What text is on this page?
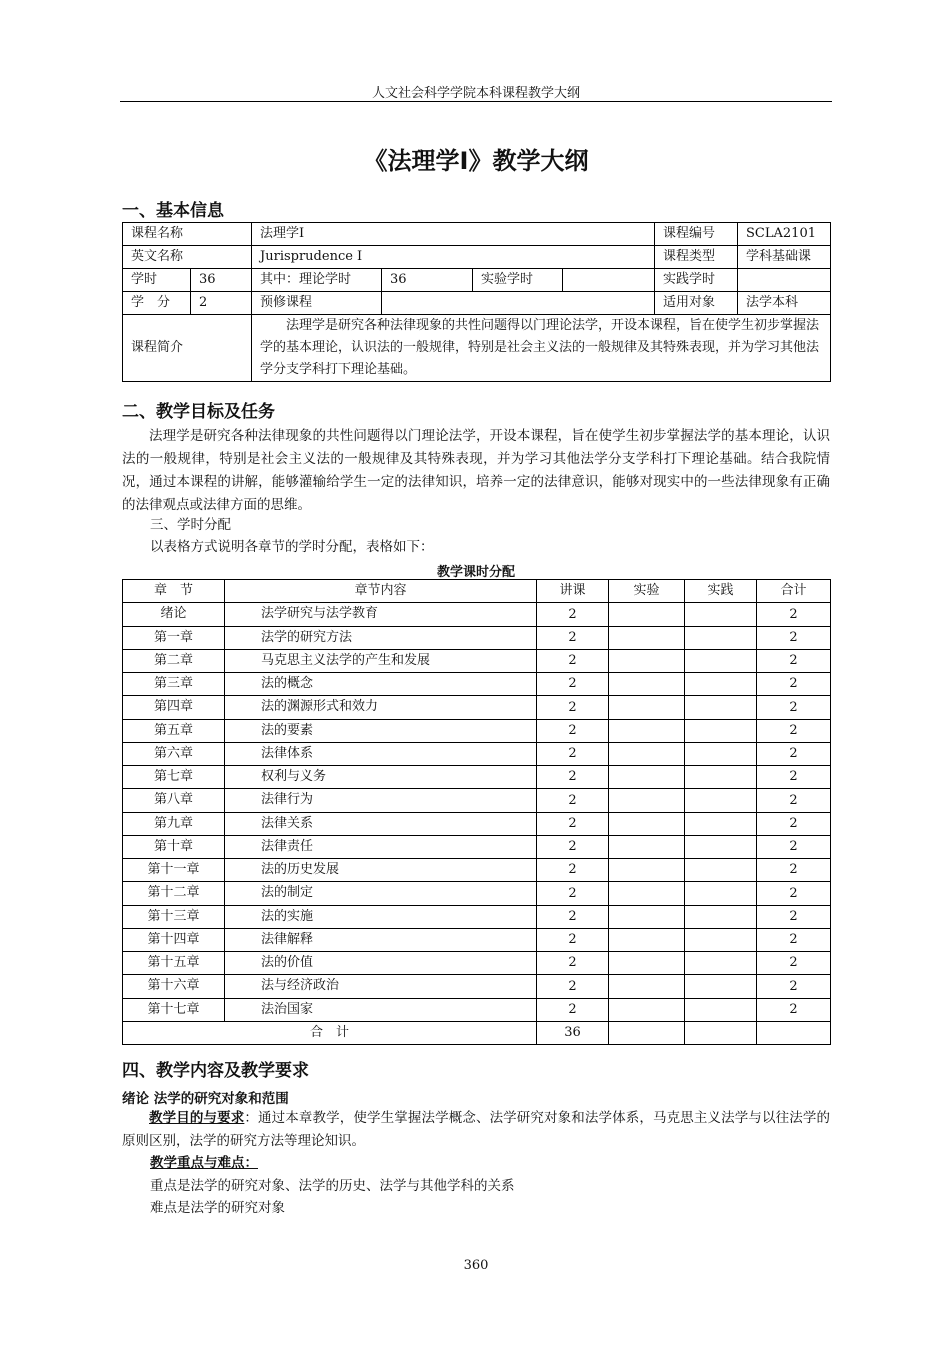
人文社会科学学院本科课程教学大纲
《法理学Ⅰ》教学大纲
一、基本信息
课程名称		法理学Ⅰ				课程编号	SCLA2101
英文名称		Jurisprudence Ⅰ				课程类型	学科基础课
学时	36	其中：理论学时	36	实验学时		实践学时	
学　分	2	预修课程				适用对象	法学本科
课程简介		法理学是研究各种法律现象的共性问题得以门理论法学，开设本课程，旨在使学生初步掌握法学的基本理论，认识法的一般规律，特别是社会主义法的一般规律及其特殊表现，并为学习其他法学分支学科打下理论基础。					
二、教学目标及任务
法理学是研究各种法律现象的共性问题得以门理论法学，开设本课程，旨在使学生初步掌握法学的基本理论，认识法的一般规律，特别是社会主义法的一般规律及其特殊表现，并为学习其他法学分支学科打下理论基础。结合我院情况，通过本课程的讲解，能够灌输给学生一定的法律知识，培养一定的法律意识，能够对现实中的一些法律现象有正确的法律观点或法律方面的思维。
三、学时分配
以表格方式说明各章节的学时分配，表格如下：
教学课时分配
章　节	章节内容	讲课	实验	实践	合计
绪论	法学研究与法学教育	2			2
第一章	法学的研究方法	2			2
第二章	马克思主义法学的产生和发展	2			2
第三章	法的概念	2			2
第四章	法的渊源形式和效力	2			2
第五章	法的要素	2			2
第六章	法律体系	2			2
第七章	权利与义务	2			2
第八章	法律行为	2			2
第九章	法律关系	2			2
第十章	法律责任	2			2
第十一章	法的历史发展	2			2
第十二章	法的制定	2			2
第十三章	法的实施	2			2
第十四章	法律解释	2			2
第十五章	法的价值	2			2
第十六章	法与经济政治	2			2
第十七章	法治国家	2			2
合　计		36			
四、教学内容及教学要求
绪论 法学的研究对象和范围
教学目的与要求：通过本章教学，使学生掌握法学概念、法学研究对象和法学体系，马克思主义法学与以往法学的原则区别，法学的研究方法等理论知识。
教学重点与难点：
重点是法学的研究对象、法学的历史、法学与其他学科的关系
难点是法学的研究对象
360
